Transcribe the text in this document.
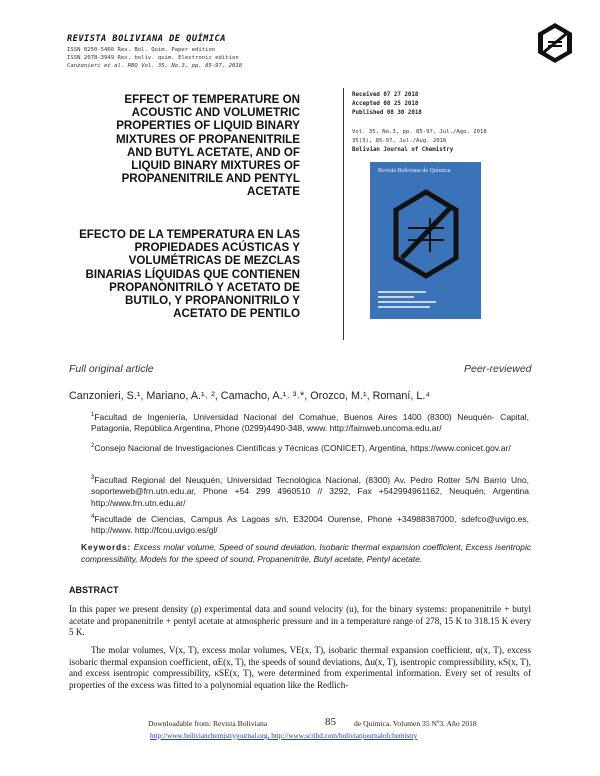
REVISTA BOLIVIANA DE QUÍMICA
ISSN 0250-5460 Rev. Bol. Quim. Paper edition
ISSN 2078-3949 Rev. boliv. quim. Electronic edition
Canzonieri et al. RBQ Vol. 35, No.3, pp. 85-97, 2018
EFFECT OF TEMPERATURE ON ACOUSTIC AND VOLUMETRIC PROPERTIES OF LIQUID BINARY MIXTURES OF PROPANENITRILE AND BUTYL ACETATE, AND OF LIQUID BINARY MIXTURES OF PROPANENITRILE AND PENTYL ACETATE
EFECTO DE LA TEMPERATURA EN LAS PROPIEDADES ACÚSTICAS Y VOLUMÉTRICAS DE MEZCLAS BINARIAS LÍQUIDAS QUE CONTIENEN PROPANONITRILO Y ACETATO DE BUTILO, Y PROPANONITRILO Y ACETATO DE PENTILO
Received 07 27 2018
Accepted 08 25 2018
Published 08 30 2018
Vol. 35, No.3, pp. 85-97, Jul./Ago. 2018
35(3), 85-97, Jul./Aug. 2018
Bolivian Journal of Chemistry
Revista Boliviana de Química
Full original article	Peer-reviewed
Canzonieri, S.¹, Mariano, A.¹˒ ², Camacho, A.¹˒ ³˒*, Orozco, M.¹, Romaní, L.⁴
$^1$Facultad de Ingeniería, Universidad Nacional del Comahue, Buenos Aires 1400 (8300) Neuquén- Capital, Patagonia, República Argentina, Phone (0299)4490-348, www. http://fainweb.uncoma.edu.ar/
$^2$Consejo Nacional de Investigaciones Científicas y Técnicas (CONICET), Argentina, https://www.conicet.gov.ar/
$^3$Facultad Regional del Neuquén, Universidad Tecnológica Nacional, (8300) Av. Pedro Rotter S/N Barrio Uno, soporteweb@frn.utn.edu.ar, Phone +54 299 4960510 // 3292, Fax +542994961162, Neuquén, Argentina http://www.frn.utn.edu.ar/
$^4$Facultade de Ciencias, Campus As Lagoas s/n, E32004 Ourense, Phone +34988387000, sdefco@uvigo.es, http://www. http://fcou.uvigo.es/gl/
Keywords: Excess molar volume, Speed of sound deviation, Isobaric thermal expansion coefficient, Excess isentropic compressibility, Models for the speed of sound, Propanenitrile, Butyl acetate, Pentyl acetate.
ABSTRACT
In this paper we present density (ρ) experimental data and sound velocity (u), for the binary systems: propanenitrile + butyl acetate and propanenitrile + pentyl acetate at atmospheric pressure and in a temperature range of 278, 15 K to 318.15 K every 5 K.
The molar volumes, V(x, T), excess molar volumes, VE(x, T), isobaric thermal expansion coefficient, α(x, T), excess isobaric thermal expansion coefficient, αE(x, T), the speeds of sound deviations, Δu(x, T), isentropic compressibility, κS(x, T), and excess isentropic compressibility, κSE(x, T), were determined from experimental information. Every set of results of properties of the excess was fitted to a polynomial equation like the Redlich-
Downloadable from: Revista Boliviana	85 de Química. Volumen 35 Nº3. Año 2018
http://www.bolivianchemistryjournal.org, http://www.scribd.com/bolivianjournalofchemistry
